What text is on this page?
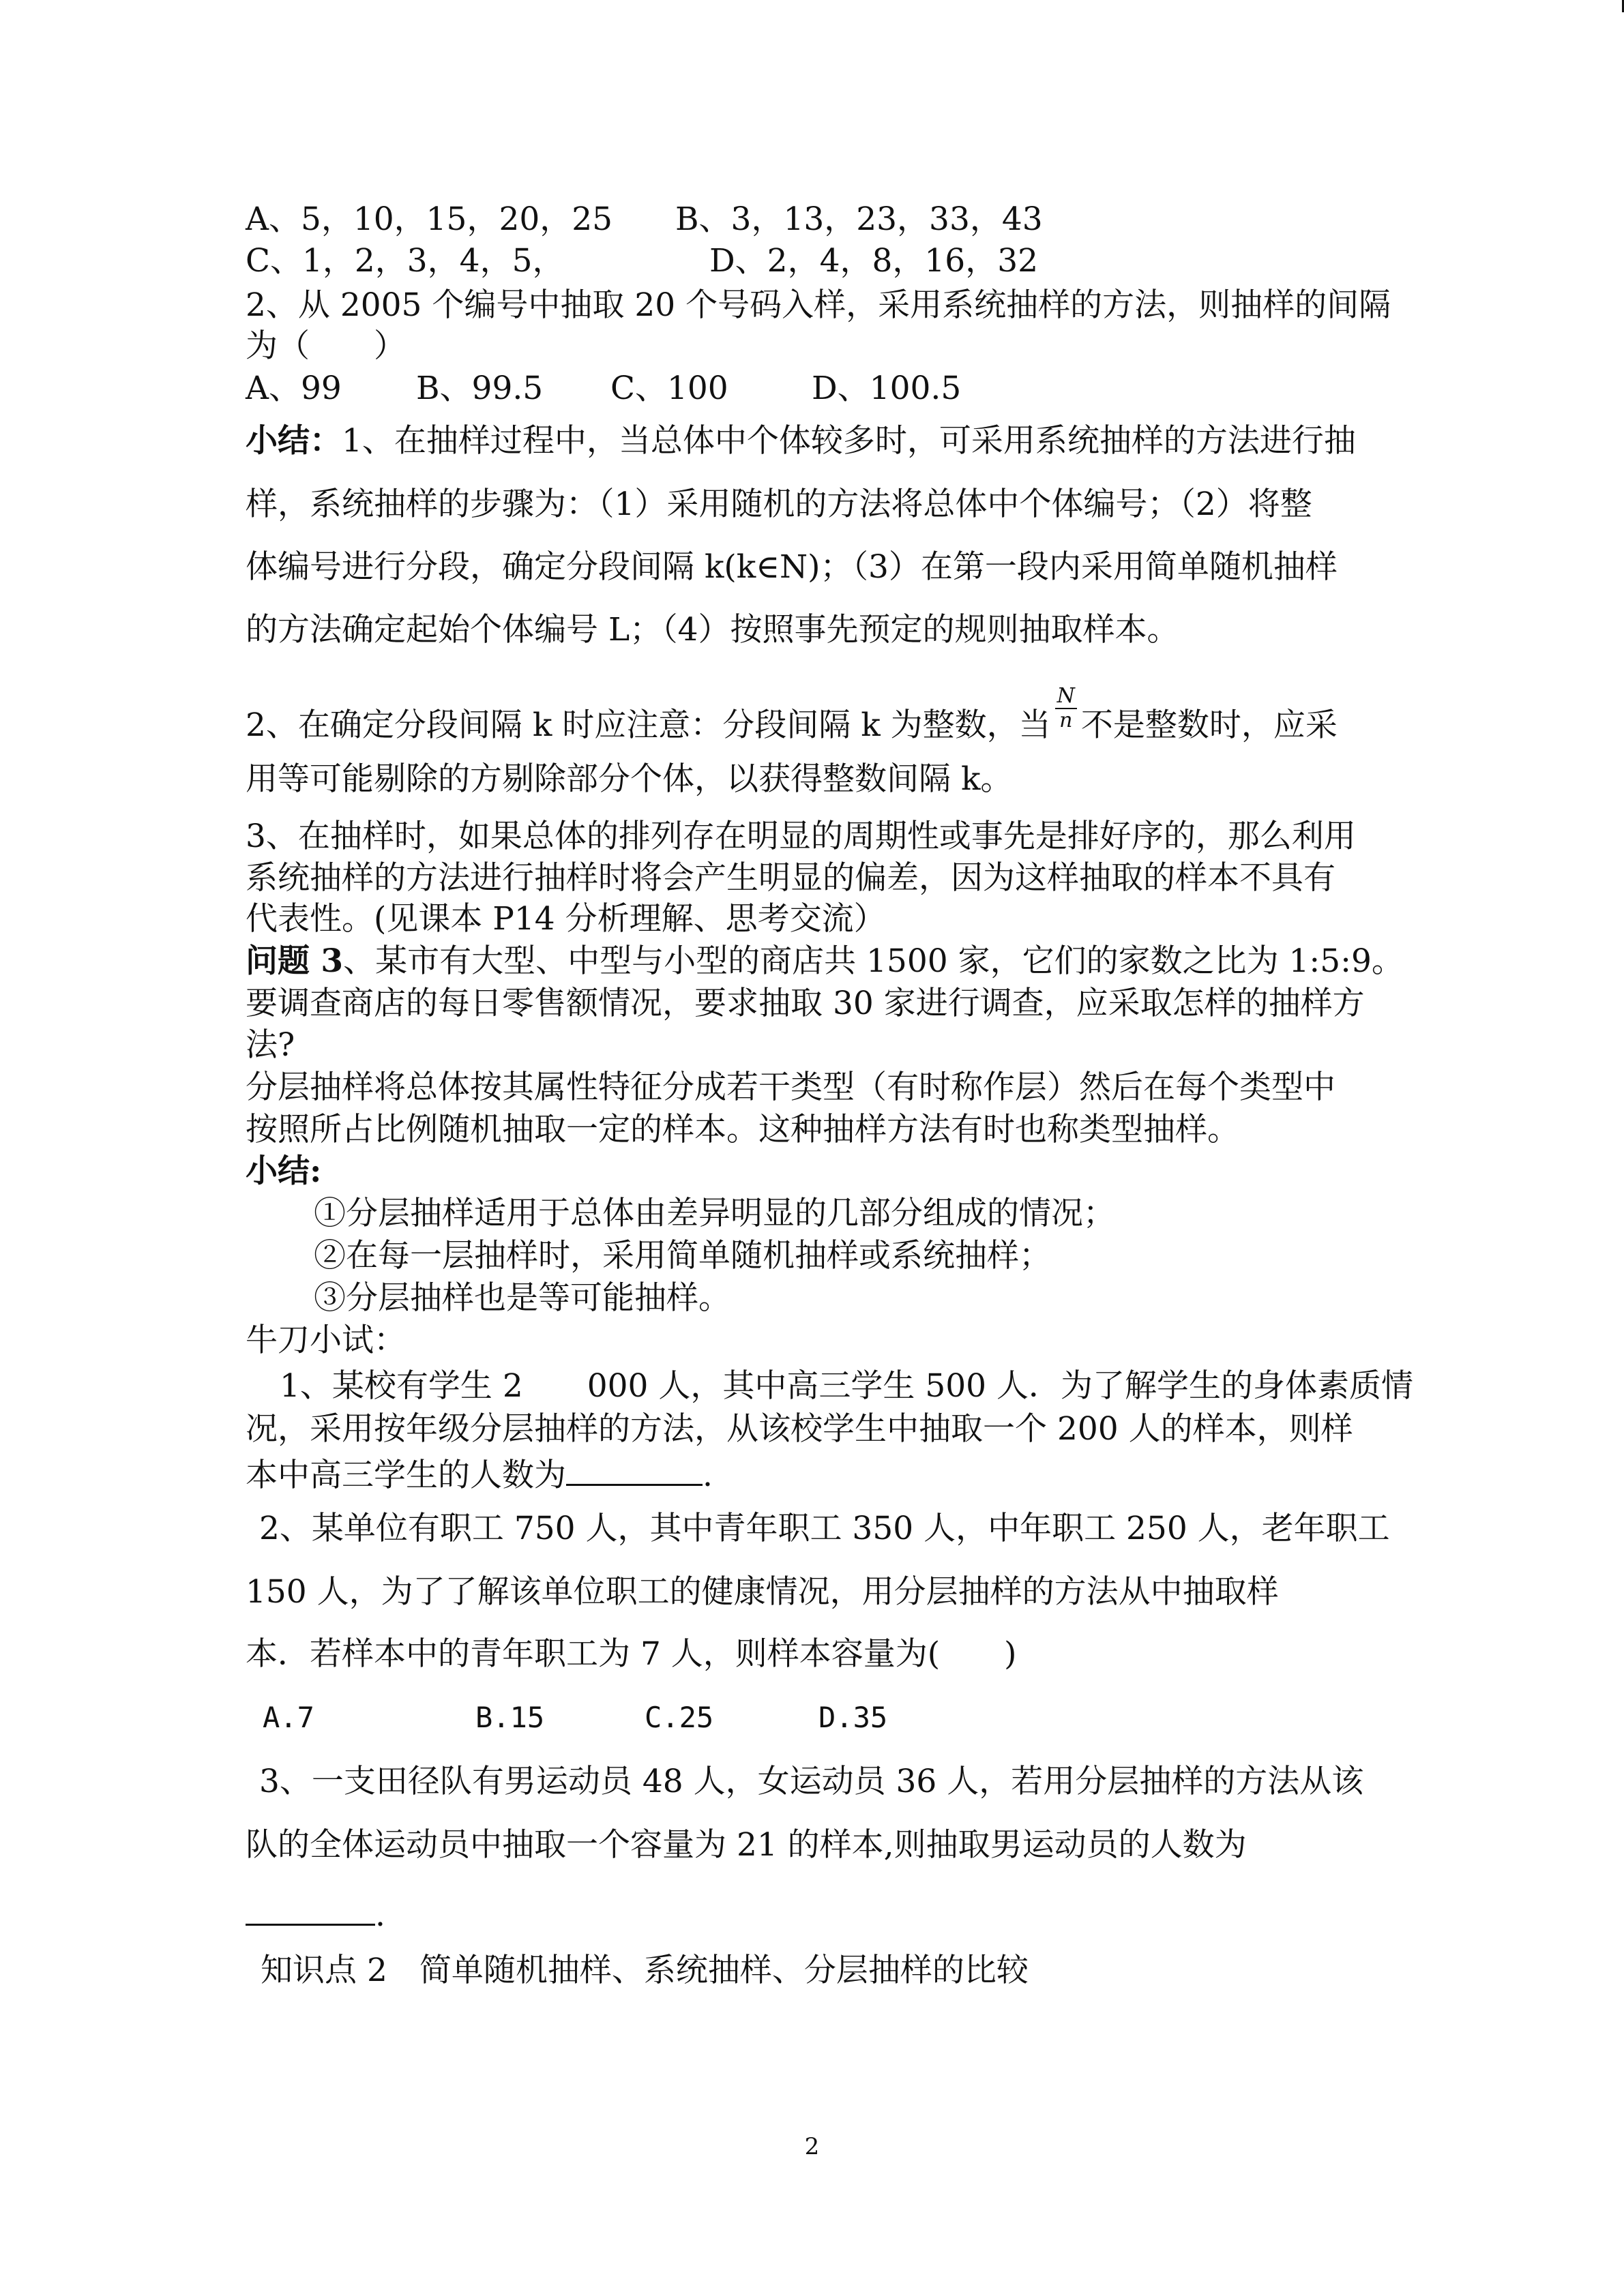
A、5，10，15，20，25 B、3，13，23，33，43
C、1，2，3，4，5，	D、2，4，8，16，32
2、从 2005 个编号中抽取 20 个号码入样，采用系统抽样的方法，则抽样的间隔
为（　　）
A、99 B、99.5 C、100	D、100.5
小结：1、在抽样过程中，当总体中个体较多时，可采用系统抽样的方法进行抽
样，系统抽样的步骤为：（1）采用随机的方法将总体中个体编号；（2）将整
体编号进行分段，确定分段间隔 k(k∈N)；（3）在第一段内采用简单随机抽样
的方法确定起始个体编号 L；（4）按照事先预定的规则抽取样本。
2、在确定分段间隔 k 时应注意：分段间隔 k 为整数，当 $\frac{N}{n}$ 不是整数时，应采
用等可能剔除的方剔除部分个体，以获得整数间隔 k。
3、在抽样时，如果总体的排列存在明显的周期性或事先是排好序的，那么利用
系统抽样的方法进行抽样时将会产生明显的偏差，因为这样抽取的样本不具有
代表性。(见课本 P14 分析理解、思考交流）
问题 3、某市有大型、中型与小型的商店共 1500 家，它们的家数之比为 1:5:9。
要调查商店的每日零售额情况，要求抽取 30 家进行调查，应采取怎样的抽样方
法?
分层抽样将总体按其属性特征分成若干类型（有时称作层）然后在每个类型中
按照所占比例随机抽取一定的样本。这种抽样方法有时也称类型抽样。
小结:
①分层抽样适用于总体由差异明显的几部分组成的情况；
②在每一层抽样时，采用简单随机抽样或系统抽样；
③分层抽样也是等可能抽样。
牛刀小试：
1、某校有学生 2　　000 人，其中高三学生 500 人．为了解学生的身体素质情
况，采用按年级分层抽样的方法，从该校学生中抽取一个 200 人的样本，则样
本中高三学生的人数为	.
2、某单位有职工 750 人，其中青年职工 350 人，中年职工 250 人，老年职工
150 人，为了了解该单位职工的健康情况，用分层抽样的方法从中抽取样
本．若样本中的青年职工为 7 人，则样本容量为(　　)
A.7	B.15	C.25	D.35
3、一支田径队有男运动员 48 人，女运动员 36 人，若用分层抽样的方法从该
队的全体运动员中抽取一个容量为 21 的样本,则抽取男运动员的人数为
.
知识点 2　简单随机抽样、系统抽样、分层抽样的比较
2
